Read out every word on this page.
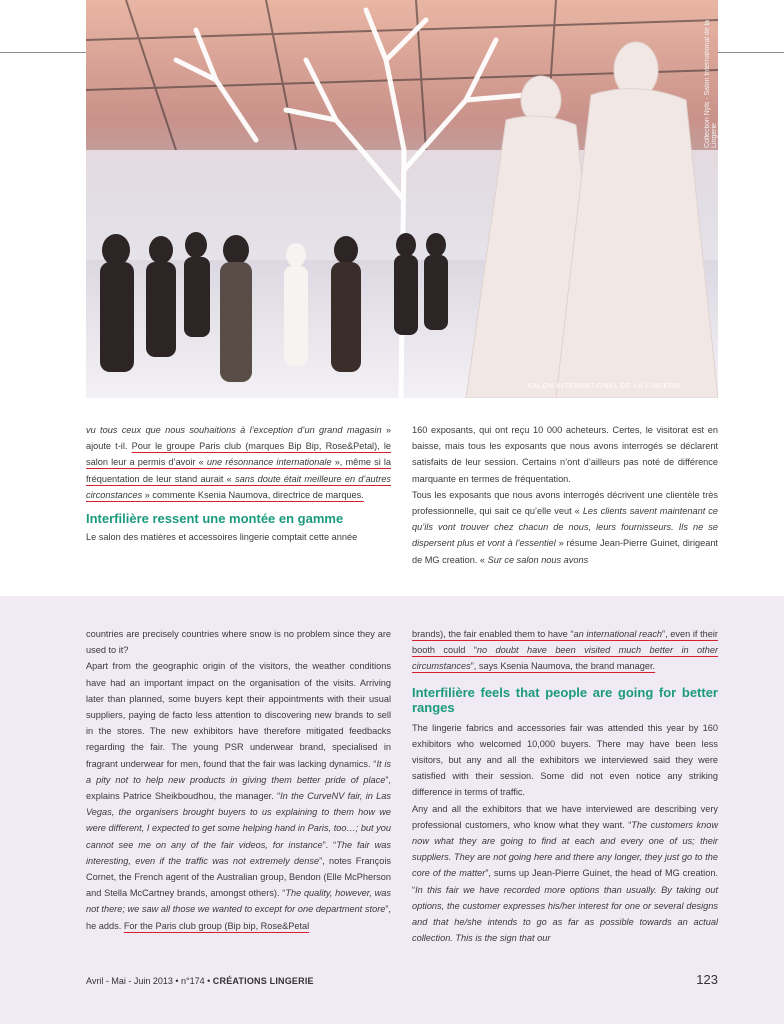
Collection Nyls · Salon International de la Lingerie
SALON INTERNATIONAL DE LA LINGERIE

vu tous ceux que nous souhaitions à l’exception d’un grand magasin » ajoute t-il. Pour le groupe Paris club (marques Bip Bip, Rose&Petal), le salon leur a permis d’avoir « une résonnance internationale », même si la fréquentation de leur stand aurait « sans doute était meilleure en d’autres circonstances » commente Ksenia Naumova, directrice de marques.

Interfilière ressent une montée en gamme

Le salon des matières et accessoires lingerie comptait cette année

160 exposants, qui ont reçu 10 000 acheteurs. Certes, le visitorat est en baisse, mais tous les exposants que nous avons interrogés se déclarent satisfaits de leur session. Certains n’ont d’ailleurs pas noté de différence marquante en termes de fréquentation.

Tous les exposants que nous avons interrogés décrivent une clientèle très professionnelle, qui sait ce qu’elle veut « Les clients savent maintenant ce qu’ils vont trouver chez chacun de nous, leurs fournisseurs. Ils ne se dispersent plus et vont à l’essentiel » résume Jean-Pierre Guinet, dirigeant de MG creation. « Sur ce salon nous avons

countries are precisely countries where snow is no problem since they are used to it?

Apart from the geographic origin of the visitors, the weather conditions have had an important impact on the organisation of the visits. Arriving later than planned, some buyers kept their appointments with their usual suppliers, paying de facto less attention to discovering new brands to sell in the stores. The new exhibitors have therefore mitigated feedbacks regarding the fair. The young PSR underwear brand, specialised in fragrant underwear for men, found that the fair was lacking dynamics. “It is a pity not to help new products in giving them better pride of place”, explains Patrice Sheikboudhou, the manager. “In the CurveNV fair, in Las Vegas, the organisers brought buyers to us explaining to them how we were different, I expected to get some helping hand in Paris, too…; but you cannot see me on any of the fair videos, for instance”. “The fair was interesting, even if the traffic was not extremely dense”, notes François Cornet, the French agent of the Australian group, Bendon (Elle McPherson and Stella McCartney brands, amongst others). “The quality, however, was not there; we saw all those we wanted to except for one department store”, he adds. For the Paris club group (Bip bip, Rose&Petal

brands), the fair enabled them to have “an international reach”, even if their booth could “no doubt have been visited much better in other circumstances”, says Ksenia Naumova, the brand manager.

Interfilière feels that people are going for better ranges

The lingerie fabrics and accessories fair was attended this year by 160 exhibitors who welcomed 10,000 buyers. There may have been less visitors, but any and all the exhibitors we interviewed said they were satisfied with their session. Some did not even notice any striking difference in terms of traffic.

Any and all the exhibitors that we have interviewed are describing very professional customers, who know what they want. “The customers know now what they are going to find at each and every one of us; their suppliers. They are not going here and there any longer, they just go to the core of the matter”, sums up Jean-Pierre Guinet, the head of MG creation. “In this fair we have recorded more options than usually. By taking out options, the customer expresses his/her interest for one or several designs and that he/she intends to go as far as possible towards an actual collection. This is the sign that our

Avril - Mai - Juin 2013 • n°174 • CRÉATIONS LINGERIE	123
